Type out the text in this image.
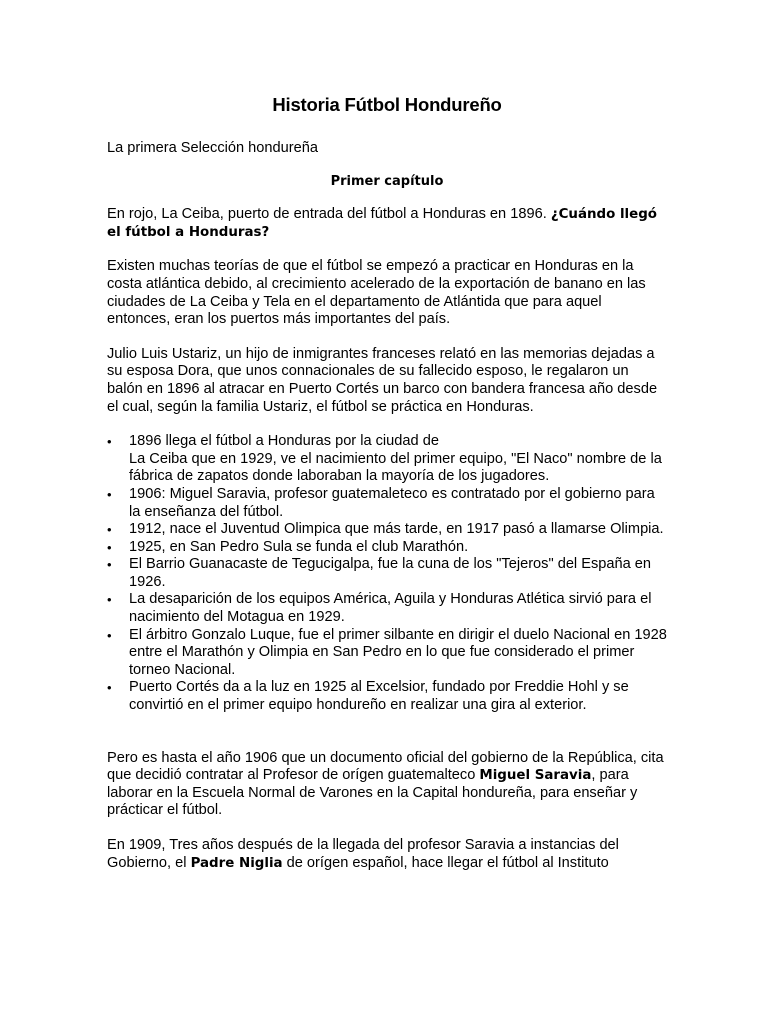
Historia Fútbol Hondureño
La primera Selección hondureña
Primer capítulo

En rojo, La Ceiba, puerto de entrada del fútbol a Honduras en 1896. ¿Cuándo llegó el fútbol a Honduras?

Existen muchas teorías de que el fútbol se empezó a practicar en Honduras en la costa atlántica debido, al crecimiento acelerado de la exportación de banano en las ciudades de La Ceiba y Tela en el departamento de Atlántida que para aquel entonces, eran los puertos más importantes del país.

Julio Luis Ustariz, un hijo de inmigrantes franceses relató en las memorias dejadas a su esposa Dora, que unos connacionales de su fallecido esposo, le regalaron un balón en 1896 al atracar en Puerto Cortés un barco con bandera francesa año desde el cual, según la familia Ustariz, el fútbol se práctica en Honduras.

• 1896 llega el fútbol a Honduras por la ciudad de
La Ceiba que en 1929, ve el nacimiento del primer equipo, "El Naco" nombre de la fábrica de zapatos donde laboraban la mayoría de los jugadores.
• 1906: Miguel Saravia, profesor guatemaleteco es contratado por el gobierno para la enseñanza del fútbol.
• 1912, nace el Juventud Olimpica que más tarde, en 1917 pasó a llamarse Olimpia.
• 1925, en San Pedro Sula se funda el club Marathón.
• El Barrio Guanacaste de Tegucigalpa, fue la cuna de los "Tejeros" del España en 1926.
• La desaparición de los equipos América, Aguila y Honduras Atlética sirvió para el nacimiento del Motagua en 1929.
• El árbitro Gonzalo Luque, fue el primer silbante en dirigir el duelo Nacional en 1928 entre el Marathón y Olimpia en San Pedro en lo que fue considerado el primer torneo Nacional.
• Puerto Cortés da a la luz en 1925 al Excelsior, fundado por Freddie Hohl y se convirtió en el primer equipo hondureño en realizar una gira al exterior.

Pero es hasta el año 1906 que un documento oficial del gobierno de la República, cita que decidió contratar al Profesor de orígen guatemalteco Miguel Saravia, para laborar en la Escuela Normal de Varones en la Capital hondureña, para enseñar y prácticar el fútbol.

En 1909, Tres años después de la llegada del profesor Saravia a instancias del Gobierno, el Padre Niglia de orígen español, hace llegar el fútbol al Instituto
